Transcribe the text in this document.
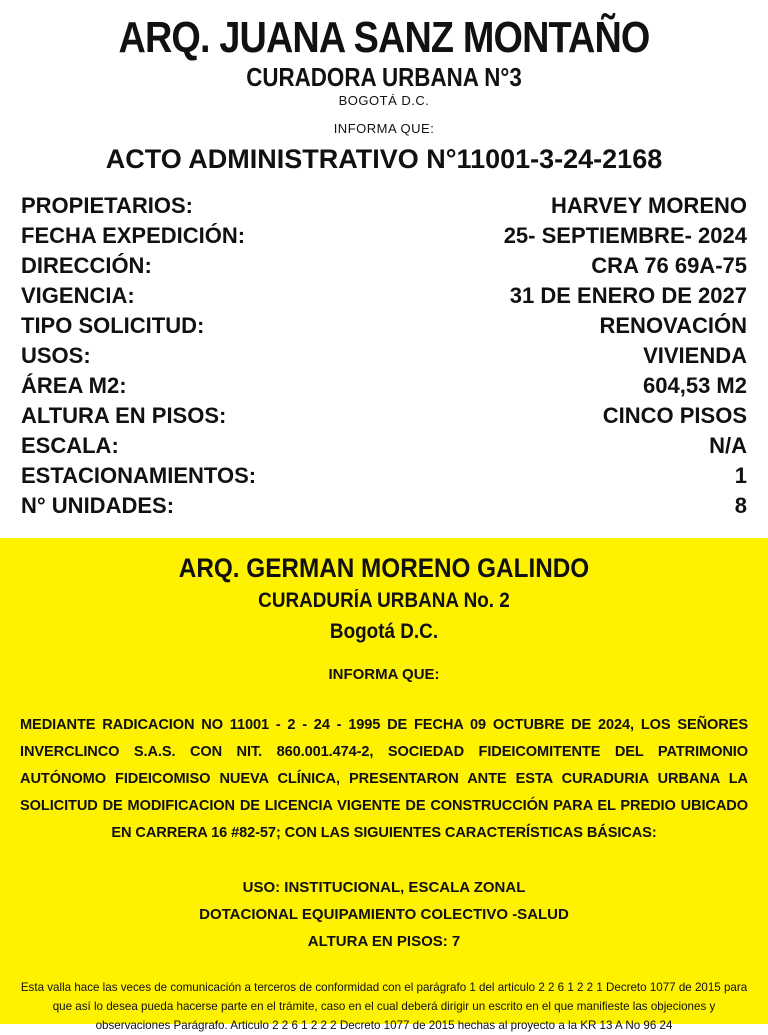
ARQ. JUANA SANZ MONTAÑO
CURADORA URBANA N°3
BOGOTÁ D.C.
INFORMA QUE:
ACTO ADMINISTRATIVO N°11001-3-24-2168
PROPIETARIOS:	HARVEY MORENO
FECHA EXPEDICIÓN:	25- SEPTIEMBRE- 2024
DIRECCIÓN:	CRA 76 69A-75
VIGENCIA:	31 DE ENERO DE 2027
TIPO SOLICITUD:	RENOVACIÓN
USOS:	VIVIENDA
ÁREA M2:	604,53 M2
ALTURA EN PISOS:	CINCO PISOS
ESCALA:	N/A
ESTACIONAMIENTOS:	1
N° UNIDADES:	8
ARQ. GERMAN MORENO GALINDO
CURADURÍA URBANA No. 2
Bogotá D.C.
INFORMA QUE:
MEDIANTE RADICACION NO 11001 - 2 - 24 - 1995 DE FECHA 09 OCTUBRE DE 2024, LOS SEÑORES INVERCLINCO S.A.S. CON NIT. 860.001.474-2, SOCIEDAD FIDEICOMITENTE DEL PATRIMONIO AUTÓNOMO FIDEICOMISO NUEVA CLÍNICA, PRESENTARON ANTE ESTA CURADURIA URBANA LA SOLICITUD DE MODIFICACION DE LICENCIA VIGENTE DE CONSTRUCCIÓN PARA EL PREDIO UBICADO EN CARRERA 16 #82-57; CON LAS SIGUIENTES CARACTERÍSTICAS BÁSICAS:
USO: INSTITUCIONAL, ESCALA ZONAL
DOTACIONAL EQUIPAMIENTO COLECTIVO -SALUD
ALTURA EN PISOS: 7
Esta valla hace las veces de comunicación a terceros de conformidad con el parágrafo 1 del articulo 2 2 6 1 2 2 1 Decreto 1077 de 2015 para que así lo desea pueda hacerse parte en el trámite, caso en el cual deberá dirigir un escrito en el que manifieste las objeciones y observaciones Parágrafo. Articulo 2 2 6 1 2 2 2 Decreto 1077 de 2015 hechas al proyecto a la KR 13 A No 96 24
